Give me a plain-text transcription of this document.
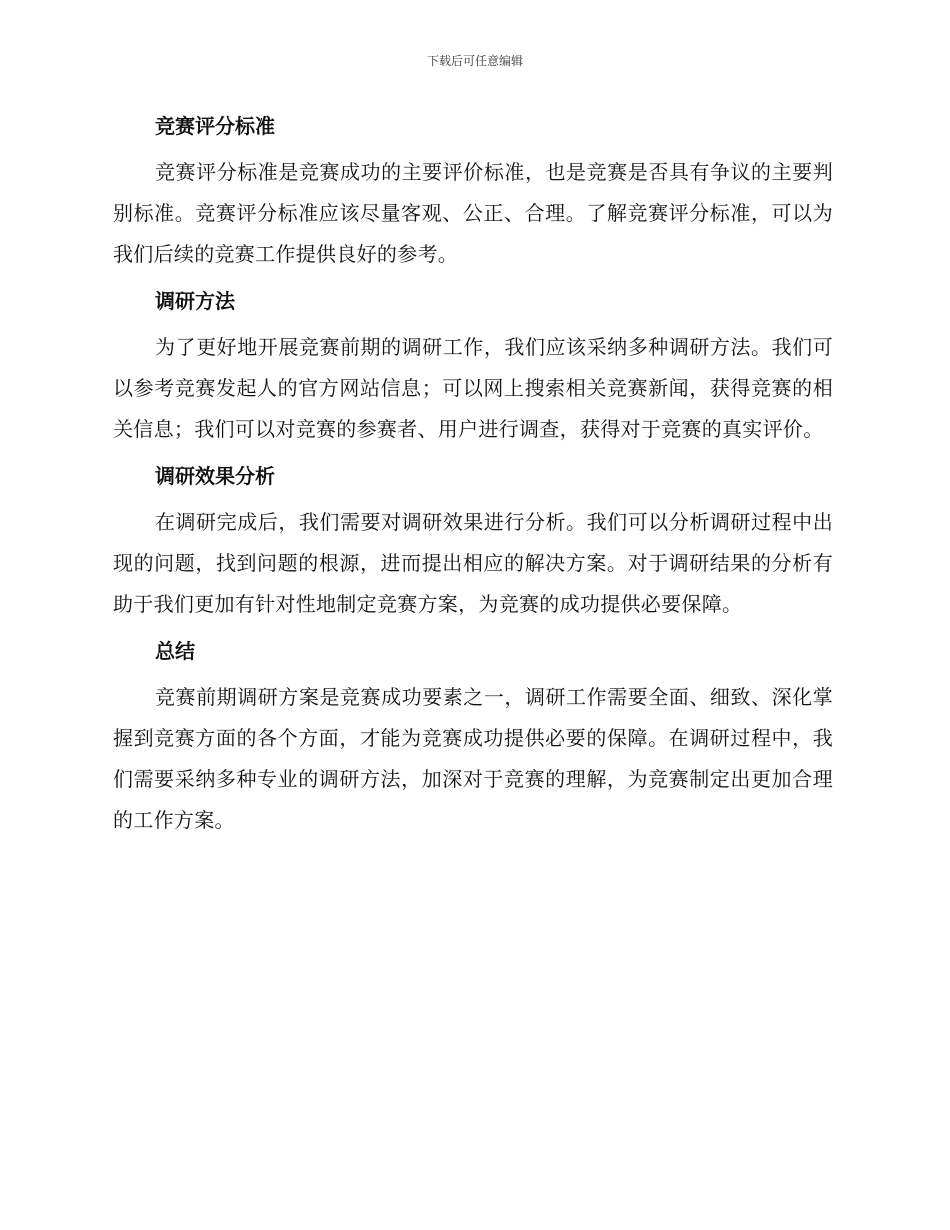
下载后可任意编辑
竞赛评分标准

竞赛评分标准是竞赛成功的主要评价标准，也是竞赛是否具有争议的主要判别标准。竞赛评分标准应该尽量客观、公正、合理。了解竞赛评分标准，可以为我们后续的竞赛工作提供良好的参考。

调研方法

为了更好地开展竞赛前期的调研工作，我们应该采纳多种调研方法。我们可以参考竞赛发起人的官方网站信息；可以网上搜索相关竞赛新闻，获得竞赛的相关信息；我们可以对竞赛的参赛者、用户进行调查，获得对于竞赛的真实评价。

调研效果分析

在调研完成后，我们需要对调研效果进行分析。我们可以分析调研过程中出现的问题，找到问题的根源，进而提出相应的解决方案。对于调研结果的分析有助于我们更加有针对性地制定竞赛方案，为竞赛的成功提供必要保障。

总结

竞赛前期调研方案是竞赛成功要素之一，调研工作需要全面、细致、深化掌握到竞赛方面的各个方面，才能为竞赛成功提供必要的保障。在调研过程中，我们需要采纳多种专业的调研方法，加深对于竞赛的理解，为竞赛制定出更加合理的工作方案。
